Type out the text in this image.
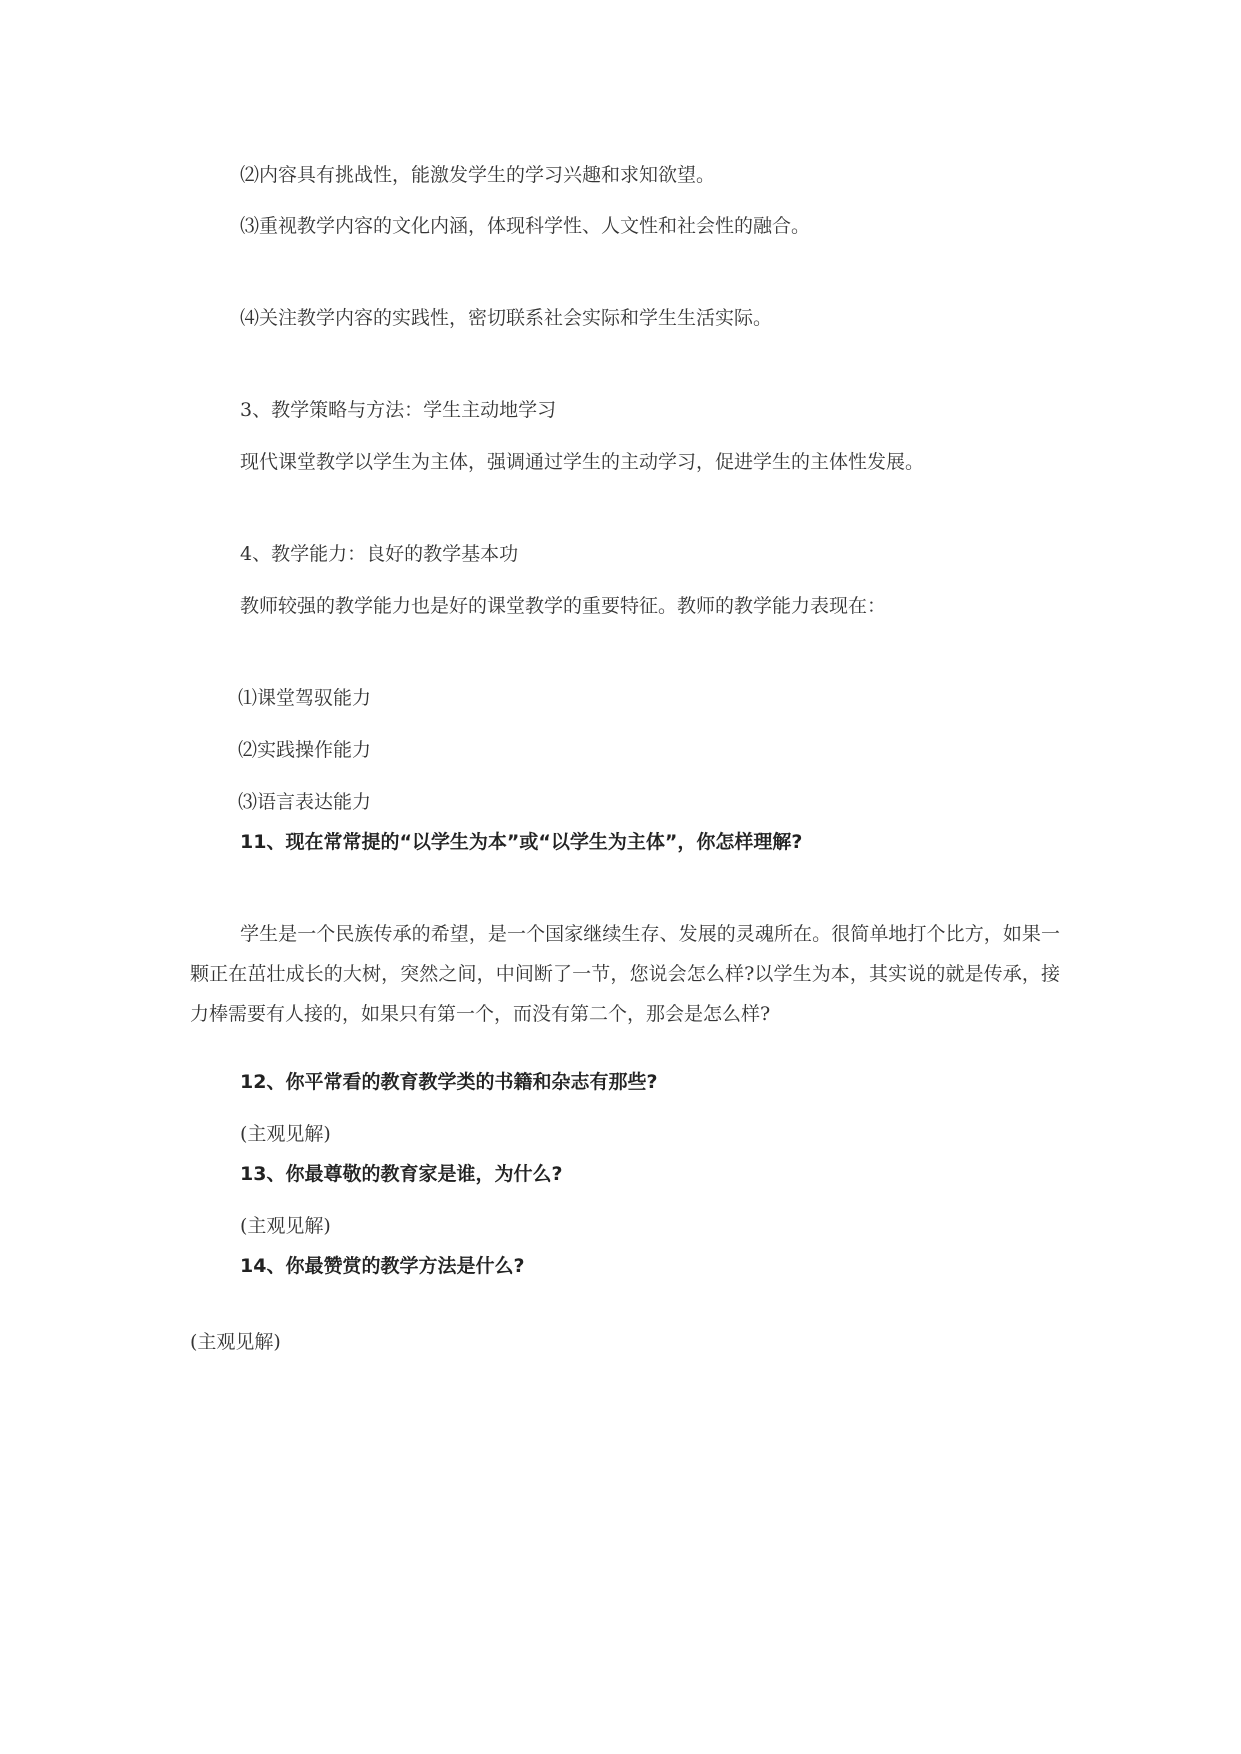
⑵内容具有挑战性，能激发学生的学习兴趣和求知欲望。

⑶重视教学内容的文化内涵，体现科学性、人文性和社会性的融合。

⑷关注教学内容的实践性，密切联系社会实际和学生生活实际。

3、教学策略与方法：学生主动地学习

现代课堂教学以学生为主体，强调通过学生的主动学习，促进学生的主体性发展。

4、教学能力：良好的教学基本功

教师较强的教学能力也是好的课堂教学的重要特征。教师的教学能力表现在：

⑴课堂驾驭能力

⑵实践操作能力

⑶语言表达能力

11、现在常常提的“以学生为本”或“以学生为主体”，你怎样理解?

学生是一个民族传承的希望，是一个国家继续生存、发展的灵魂所在。很简单地打个比方，如果一颗正在茁壮成长的大树，突然之间，中间断了一节，您说会怎么样?以学生为本，其实说的就是传承，接力棒需要有人接的，如果只有第一个，而没有第二个，那会是怎么样?

12、你平常看的教育教学类的书籍和杂志有那些?

(主观见解)

13、你最尊敬的教育家是谁，为什么?

(主观见解)

14、你最赞赏的教学方法是什么?

(主观见解)
